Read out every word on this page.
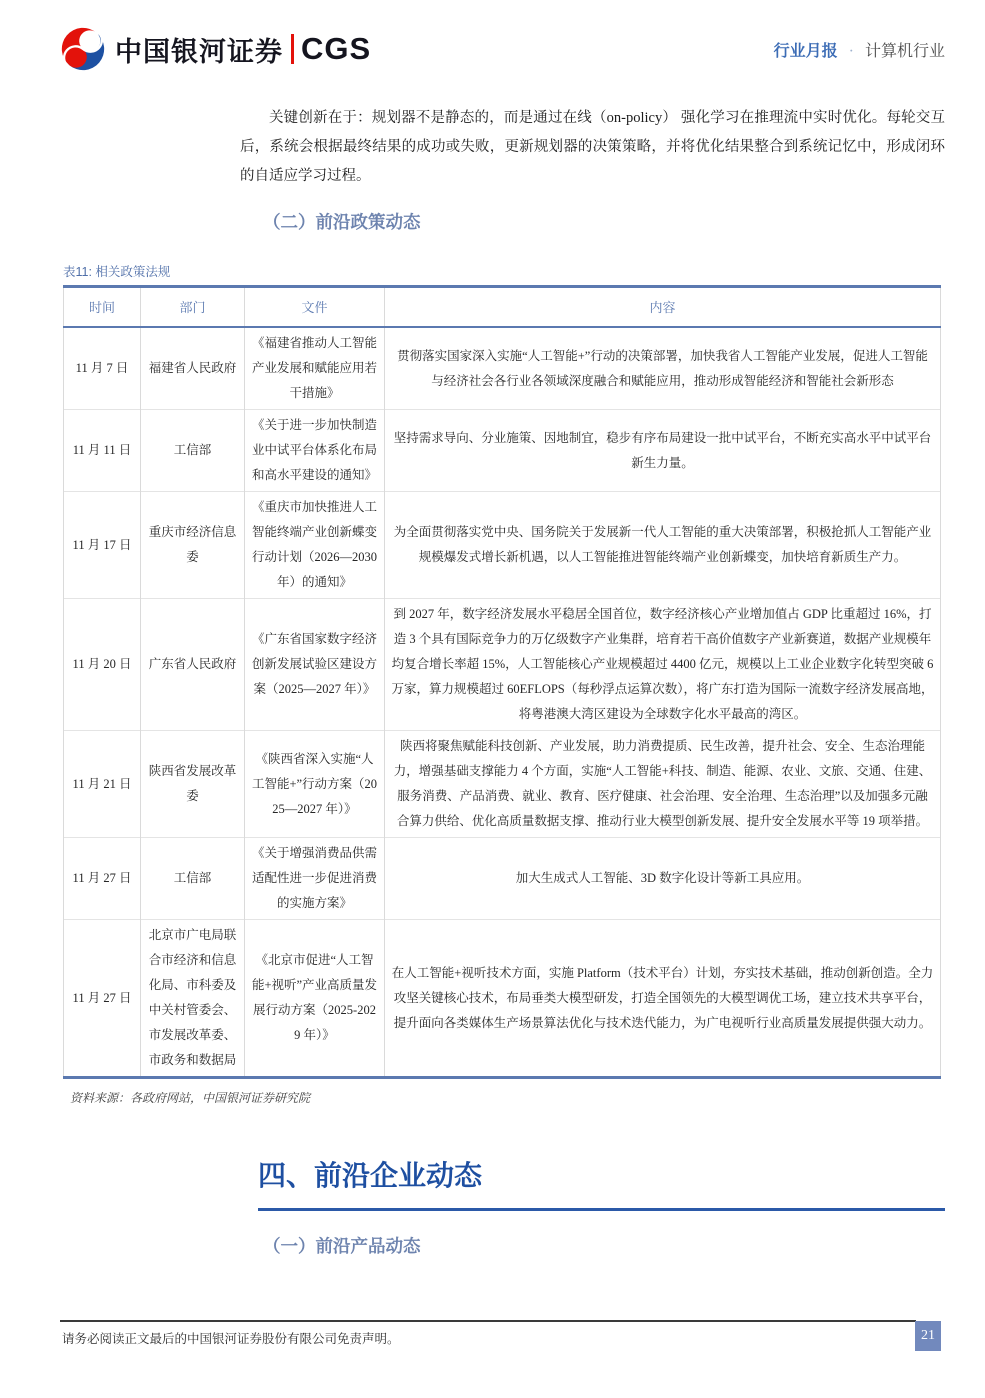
中国银河证券 CGS	行业月报 · 计算机行业

关键创新在于：规划器不是静态的，而是通过在线（on-policy） 强化学习在推理流中实时优化。每轮交互后，系统会根据最终结果的成功或失败，更新规划器的决策策略，并将优化结果整合到系统记忆中，形成闭环的自适应学习过程。

（二）前沿政策动态
表11: 相关政策法规
时间	部门	文件	内容
11 月 7 日	福建省人民政府	《福建省推动人工智能产业发展和赋能应用若干措施》	贯彻落实国家深入实施“人工智能+”行动的决策部署，加快我省人工智能产业发展，促进人工智能与经济社会各行业各领域深度融合和赋能应用，推动形成智能经济和智能社会新形态
11 月 11 日	工信部	《关于进一步加快制造业中试平台体系化布局和高水平建设的通知》	坚持需求导向、分业施策、因地制宜，稳步有序布局建设一批中试平台，不断充实高水平中试平台新生力量。
11 月 17 日	重庆市经济信息委	《重庆市加快推进人工智能终端产业创新蝶变行动计划（2026—2030 年）的通知》	为全面贯彻落实党中央、国务院关于发展新一代人工智能的重大决策部署，积极抢抓人工智能产业规模爆发式增长新机遇，以人工智能推进智能终端产业创新蝶变，加快培育新质生产力。
11 月 20 日	广东省人民政府	《广东省国家数字经济创新发展试验区建设方案（2025—2027 年）》	到 2027 年，数字经济发展水平稳居全国首位，数字经济核心产业增加值占 GDP 比重超过 16%，打造 3 个具有国际竞争力的万亿级数字产业集群，培育若干高价值数字产业新赛道，数据产业规模年均复合增长率超 15%，人工智能核心产业规模超过 4400 亿元，规模以上工业企业数字化转型突破 6 万家，算力规模超过 60EFLOPS（每秒浮点运算次数），将广东打造为国际一流数字经济发展高地，将粤港澳大湾区建设为全球数字化水平最高的湾区。
11 月 21 日	陕西省发展改革委	《陕西省深入实施“人工智能+”行动方案（2025—2027 年）》	陕西将聚焦赋能科技创新、产业发展，助力消费提质、民生改善，提升社会、安全、生态治理能力，增强基础支撑能力 4 个方面，实施“人工智能+科技、制造、能源、农业、文旅、交通、住建、服务消费、产品消费、就业、教育、医疗健康、社会治理、安全治理、生态治理”以及加强多元融合算力供给、优化高质量数据支撑、推动行业大模型创新发展、提升安全发展水平等 19 项举措。
11 月 27 日	工信部	《关于增强消费品供需适配性进一步促进消费的实施方案》	加大生成式人工智能、3D 数字化设计等新工具应用。
11 月 27 日	北京市广电局联合市经济和信息化局、市科委及中关村管委会、市发展改革委、市政务和数据局	《北京市促进“人工智能+视听”产业高质量发展行动方案（2025-2029 年）》	在人工智能+视听技术方面，实施 Platform（技术平台）计划，夯实技术基础，推动创新创造。全力攻坚关键核心技术，布局垂类大模型研发，打造全国领先的大模型调优工场，建立技术共享平台，提升面向各类媒体生产场景算法优化与技术迭代能力，为广电视听行业高质量发展提供强大动力。
资料来源：各政府网站，中国银河证券研究院
四、前沿企业动态
（一）前沿产品动态
请务必阅读正文最后的中国银河证券股份有限公司免责声明。	21
